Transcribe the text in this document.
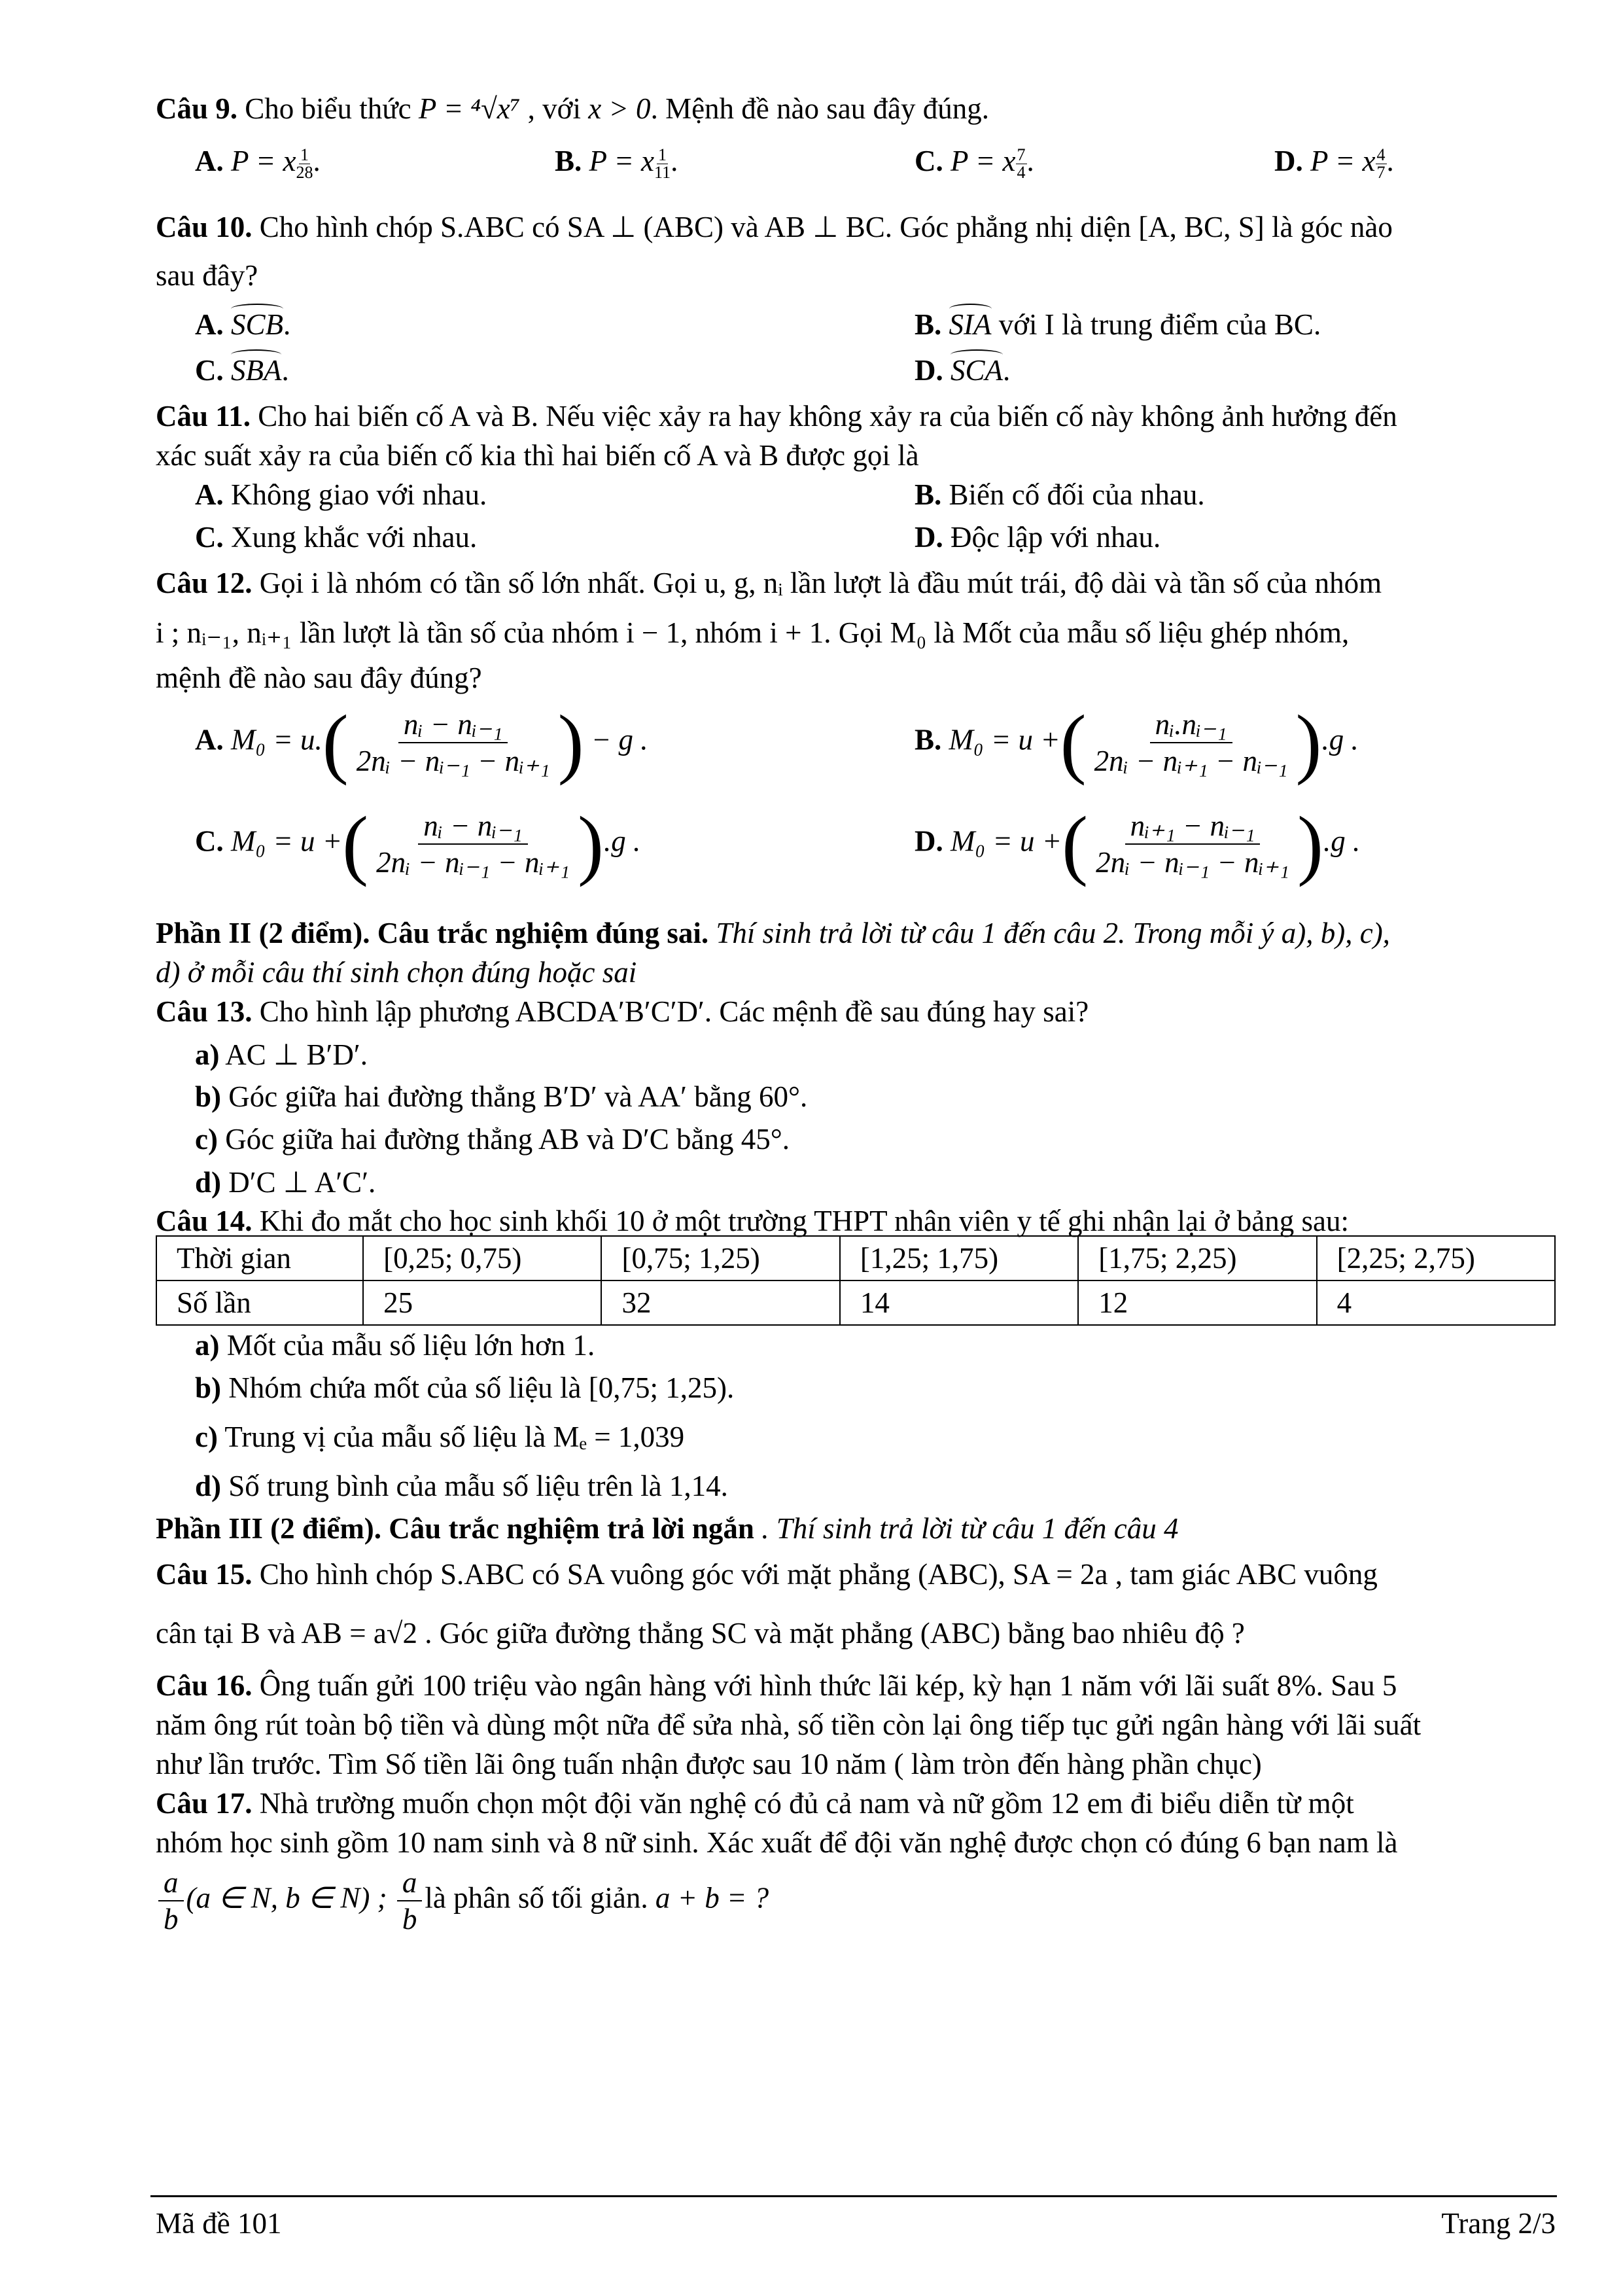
Câu 9. Cho biểu thức P = ⁴√x⁷ , với x > 0. Mệnh đề nào sau đây đúng.
A. P = x $\frac{1}{28}$ .	B. P = x $\frac{1}{11}$ .	C. P = x $\frac{7}{4}$ .	D. P = x $\frac{4}{7}$ .
Câu 10. Cho hình chóp S.ABC có SA ⊥ (ABC) và AB ⊥ BC. Góc phẳng nhị diện [A, BC, S] là góc nào
sau đây?
A. SCB.	B. SIA với I là trung điểm của BC.
C. SBA.	D. SCA.
Câu 11. Cho hai biến cố A và B. Nếu việc xảy ra hay không xảy ra của biến cố này không ảnh hưởng đến
xác suất xảy ra của biến cố kia thì hai biến cố A và B được gọi là
A. Không giao với nhau.	B. Biến cố đối của nhau.
C. Xung khắc với nhau.	D. Độc lập với nhau.
Câu 12. Gọi i là nhóm có tần số lớn nhất. Gọi u, g, nᵢ lần lượt là đầu mút trái, độ dài và tần số của nhóm
i ; nᵢ₋₁, nᵢ₊₁ lần lượt là tần số của nhóm i − 1, nhóm i + 1. Gọi M₀ là Mốt của mẫu số liệu ghép nhóm,
mệnh đề nào sau đây đúng?
A. $M_0 = u.( \frac{\text{nᵢ − nᵢ₋₁}}{\text{2nᵢ − nᵢ₋₁ − nᵢ₊₁}}$ ) − g .	B. M₀ = u +( $\frac{\text{nᵢ.nᵢ₋₁}}{\text{2nᵢ − nᵢ₊₁ − nᵢ₋₁}} ).g$ .
C. M₀ = u +( $\frac{\text{nᵢ − nᵢ₋₁}}{\text{2nᵢ − nᵢ₋₁ − nᵢ₊₁}} ).g$ .	D. M₀ = u +( $\frac{\text{nᵢ₊₁ − nᵢ₋₁}}{\text{2nᵢ − nᵢ₋₁ − nᵢ₊₁}} ).g$ .
Phần II (2 điểm). Câu trắc nghiệm đúng sai. Thí sinh trả lời từ câu 1 đến câu 2. Trong mỗi ý a), b), c),
d) ở mỗi câu thí sinh chọn đúng hoặc sai
Câu 13. Cho hình lập phương ABCDA′B′C′D′. Các mệnh đề sau đúng hay sai?
a) AC ⊥ B′D′.
b) Góc giữa hai đường thẳng B′D′ và AA′ bằng 60°.
c) Góc giữa hai đường thẳng AB và D′C bằng 45°.
d) D′C ⊥ A′C′.
Câu 14. Khi đo mắt cho học sinh khối 10 ở một trường THPT nhân viên y tế ghi nhận lại ở bảng sau:
Thời gian	[0,25; 0,75)	[0,75; 1,25)	[1,25; 1,75)	[1,75; 2,25)	[2,25; 2,75)
Số lần	25	32	14	12	4
a) Mốt của mẫu số liệu lớn hơn 1.
b) Nhóm chứa mốt của số liệu là [0,75; 1,25).
c) Trung vị của mẫu số liệu là Mₑ = 1,039
d) Số trung bình của mẫu số liệu trên là 1,14.
Phần III (2 điểm). Câu trắc nghiệm trả lời ngắn . Thí sinh trả lời từ câu 1 đến câu 4
Câu 15. Cho hình chóp S.ABC có SA vuông góc với mặt phẳng (ABC), SA = 2a , tam giác ABC vuông
cân tại B và AB = a√2 . Góc giữa đường thẳng SC và mặt phẳng (ABC) bằng bao nhiêu độ ?
Câu 16. Ông tuấn gửi 100 triệu vào ngân hàng với hình thức lãi kép, kỳ hạn 1 năm với lãi suất 8%. Sau 5
năm ông rút toàn bộ tiền và dùng một nữa để sửa nhà, số tiền còn lại ông tiếp tục gửi ngân hàng với lãi suất
như lần trước. Tìm Số tiền lãi ông tuấn nhận được sau 10 năm ( làm tròn đến hàng phần chục)
Câu 17. Nhà trường muốn chọn một đội văn nghệ có đủ cả nam và nữ gồm 12 em đi biểu diễn từ một
nhóm học sinh gồm 10 nam sinh và 8 nữ sinh. Xác xuất để đội văn nghệ được chọn có đúng 6 bạn nam là
$\frac{a}{b} (a$ ∈ N, b ∈ N) ; $\frac{a}{b}$ là phân số tối giản. a + b = ?
Mã đề 101	Trang 2/3
